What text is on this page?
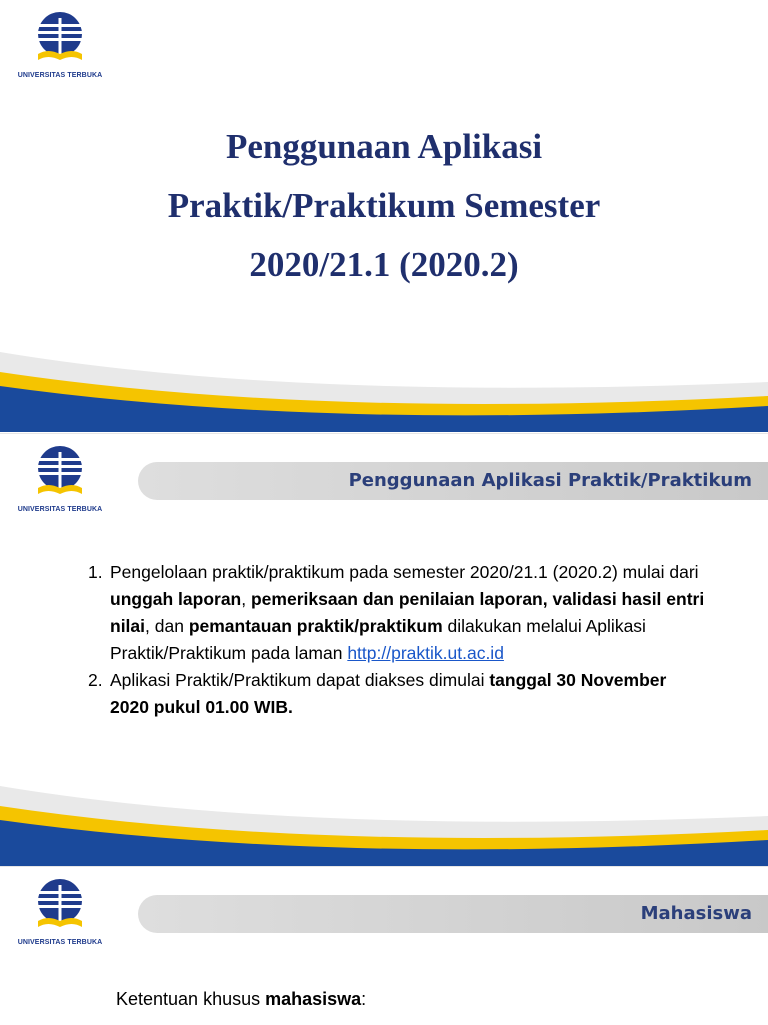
UNIVERSITAS TERBUKA
Penggunaan Aplikasi
Praktik/Praktikum Semester
2020/21.1 (2020.2)
UNIVERSITAS TERBUKA
Penggunaan Aplikasi Praktik/Praktikum
1. Pengelolaan praktik/praktikum pada semester 2020/21.1 (2020.2) mulai dari unggah laporan, pemeriksaan dan penilaian laporan, validasi hasil entri nilai, dan pemantauan praktik/praktikum dilakukan melalui Aplikasi Praktik/Praktikum pada laman http://praktik.ut.ac.id
2. Aplikasi Praktik/Praktikum dapat diakses dimulai tanggal 30 November 2020 pukul 01.00 WIB.
UNIVERSITAS TERBUKA
Mahasiswa
Ketentuan khusus mahasiswa:
